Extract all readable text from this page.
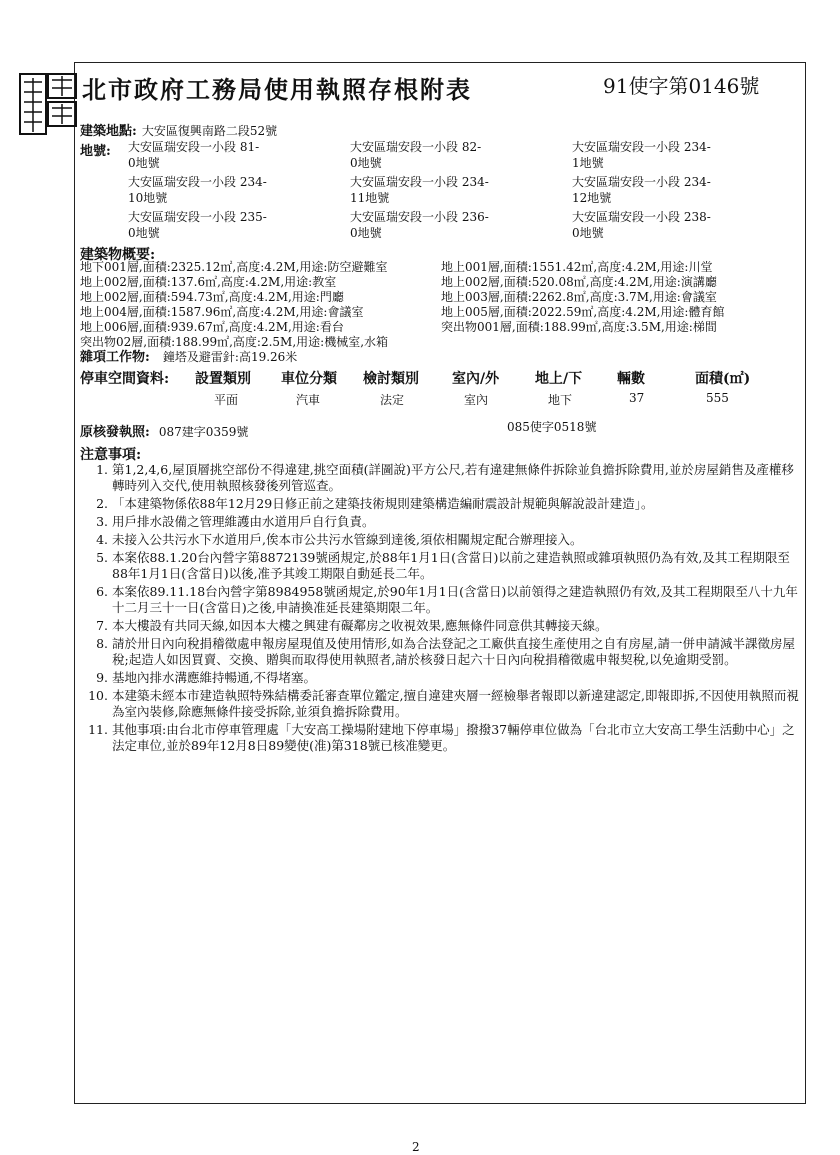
北市政府工務局使用執照存根附表	91使字第0146號
建築地點: 大安區復興南路二段52號
地號: 大安區瑞安段一小段 81-
0地號
大安區瑞安段一小段 82-
0地號
大安區瑞安段一小段 234-
1地號
大安區瑞安段一小段 234-
10地號
大安區瑞安段一小段 234-
11地號
大安區瑞安段一小段 234-
12地號
大安區瑞安段一小段 235-
0地號
大安區瑞安段一小段 236-
0地號
大安區瑞安段一小段 238-
0地號
建築物概要:
地下001層,面積:2325.12㎡,高度:4.2M,用途:防空避難室
地上002層,面積:137.6㎡,高度:4.2M,用途:教室
地上002層,面積:594.73㎡,高度:4.2M,用途:門廳
地上004層,面積:1587.96㎡,高度:4.2M,用途:會議室
地上006層,面積:939.67㎡,高度:4.2M,用途:看台
突出物02層,面積:188.99㎡,高度:2.5M,用途:機械室,水箱
地上001層,面積:1551.42㎡,高度:4.2M,用途:川堂
地上002層,面積:520.08㎡,高度:4.2M,用途:演講廳
地上003層,面積:2262.8㎡,高度:3.7M,用途:會議室
地上005層,面積:2022.59㎡,高度:4.2M,用途:體育館
突出物001層,面積:188.99㎡,高度:3.5M,用途:梯間
雜項工作物: 鐘塔及避雷針:高19.26米
停車空間資料: 設置類別 車位分類 檢討類別 室內/外	地上/下 輛數	面積(㎡)
平面	汽車	法定	室內	地下	37	555
原核發執照: 087建字0359號	085使字0518號
注意事項:
1. 第1,2,4,6,屋頂層挑空部份不得違建,挑空面積(詳圖說)平方公尺,若有違建無條件拆除並負擔拆除費用,並於房屋銷售及產權移轉時列入交代,使用執照核發後列管巡查。
2. 「本建築物係依88年12月29日修正前之建築技術規則建築構造編耐震設計規範與解說設計建造」。
3. 用戶排水設備之管理維護由水道用戶自行負責。
4. 未接入公共污水下水道用戶,俟本市公共污水管線到達後,須依相關規定配合辦理接入。
5. 本案依88.1.20台內營字第8872139號函規定,於88年1月1日(含當日)以前之建造執照或雜項執照仍為有效,及其工程期限至88年1月1日(含當日)以後,准予其竣工期限自動延長二年。
6. 本案依89.11.18台內營字第8984958號函規定,於90年1月1日(含當日)以前領得之建造執照仍有效,及其工程期限至八十九年十二月三十一日(含當日)之後,申請換准延長建築期限二年。
7. 本大樓設有共同天線,如因本大樓之興建有礙鄰房之收視效果,應無條件同意供其轉接天線。
8. 請於卅日內向稅捐稽徵處申報房屋現值及使用情形,如為合法登記之工廠供直接生產使用之自有房屋,請一併申請減半課徵房屋稅;起造人如因買賣、交換、贈與而取得使用執照者,請於核發日起六十日內向稅捐稽徵處申報契稅,以免逾期受罰。
9. 基地內排水溝應維持暢通,不得堵塞。
10. 本建築未經本市建造執照特殊結構委託審查單位鑑定,擅自違建夾層一經檢舉者報即以新違建認定,即報即拆,不因使用執照而視為室內裝修,除應無條件接受拆除,並須負擔拆除費用。
11. 其他事項:由台北市停車管理處「大安高工操場附建地下停車場」撥撥37輛停車位做為「台北市立大安高工學生活動中心」之法定車位,並於89年12月8日89變使(准)第318號已核准變更。
2
